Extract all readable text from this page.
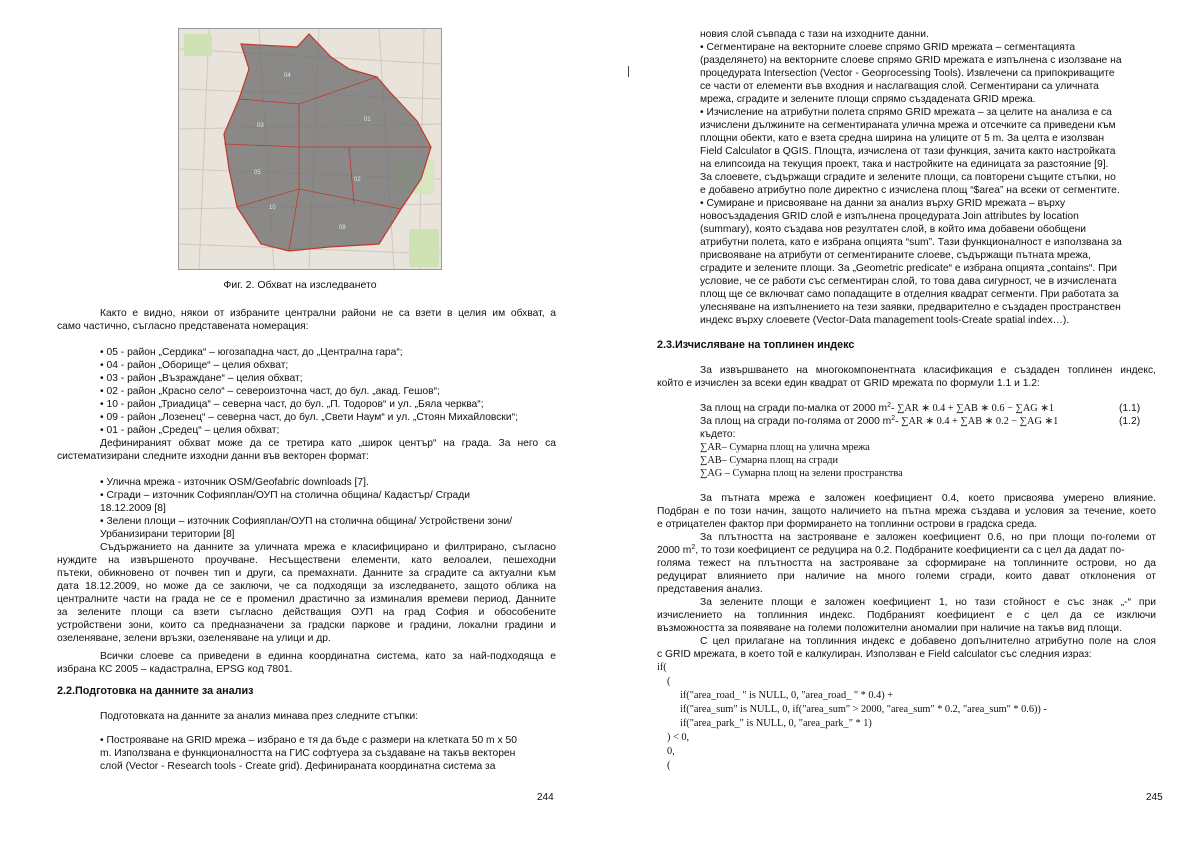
04
03
01
05
02
10
09
Фиг. 2. Обхват на изследването
Както е видно, някои от избраните централни райони не са взети в целия им обхват, а
само частично, съгласно представената номерация:
• 05 - район „Сердика“ – югозападна част, до „Централна гара“;
• 04 - район „Оборище“ – целия обхват;
• 03 - район „Възраждане“ – целия обхват;
• 02 - район „Красно село“ – североизточна част, до бул. „акад. Гешов“;
• 10 - район „Триадица“ – северна част, до бул. „П. Тодоров“ и ул. „Бяла черква“;
• 09 - район „Лозенец“ – северна част, до бул. „Свети Наум“ и ул. „Стоян Михайловски“;
• 01 - район „Средец“ – целия обхват;
Дефинираният обхват може да се третира като „широк център“ на града. За него са
систематизирани следните изходни данни във векторен формат:
• Улична мрежа - източник OSM/Geofabric downloads [7].
• Сгради – източник Софияплан/ОУП на столична община/ Кадастър/ Сгради
18.12.2009 [8]
• Зелени площи – източник Софияплан/ОУП на столична община/ Устройствени зони/
Урбанизирани територии [8]
Съдържанието на данните за уличната мрежа е класифицирано и филтрирано, съгласно
нуждите на извършеното проучване. Несъществени елементи, като велоалеи, пешеходни
пътеки, обикновено от почвен тип и други, са премахнати. Данните за сградите са актуални към
дата 18.12.2009, но може да се заключи, че са подходящи за изследването, защото облика на
централните части на града не се е променил драстично за изминалия времеви период. Данните
за зелените площи са взети съгласно действащия ОУП на град София и обособените
устройствени зони, които са предназначени за градски паркове и градини, локални градини и
озеленяване, зелени връзки, озеленяване на улици и др.
Всички слоеве са приведени в единна координатна система, като за най-подходяща е
избрана КС 2005 – кадастрална, EPSG код 7801.
2.2.Подготовка на данните за анализ
Подготовката на данните за анализ минава през следните стъпки:
• Построяване на GRID мрежа – избрано е тя да бъде с размери на клетката 50 m x 50
m. Използвана е функционалността на ГИС софтуера за създаване на такъв векторен
слой (Vector - Research tools - Create grid). Дефинираната координатна система за
244
новия слой съвпада с тази на изходните данни.
• Сегментиране на векторните слоеве спрямо GRID мрежата – сегментацията
(разделянето) на векторните слоеве спрямо GRID мрежата е изпълнена с изолзване на
процедурата Intersection (Vector - Geoprocessing Tools). Извлечени са припокриващите
се части от елементи във входния и наслагващия слой. Сегментирани са уличната
мрежа, сградите и зелените площи спрямо създадената GRID мрежа.
• Изчисление на атрибутни полета спрямо GRID мрежата – за целите на анализа е са
изчислени дължините на сегментираната улична мрежа и отсечките са приведени към
площни обекти, като е взета средна ширина на улиците от 5 m. За целта е изолзван
Field Calculator в QGIS. Площта, изчислена от тази функция, зачита както настройката
на елипсоида на текущия проект, така и настройките на единицата за разстояние [9].
За слоевете, съдържащи сградите и зелените площи, са повторени същите стъпки, но
е добавено атрибутно поле директно с изчислена площ “$area” на всеки от сегментите.
• Сумиране и присвояване на данни за анализ върху GRID мрежата – върху
новосъздадения GRID слой е изпълнена процедурата Join attributes by location
(summary), която създава нов резултатен слой, в който има добавени обобщени
атрибутни полета, като е избрана опцията “sum”. Тази функционалност е използвана за
присвояване на атрибути от сегментираните слоеве, съдържащи пътната мрежа,
сградите и зелените площи. За „Geometric predicate“ е избрана опцията „contains“. При
условие, че се работи със сегментиран слой, то това дава сигурност, че в изчислената
площ ще се включват само попадащите в отделния квадрат сегменти. При работата за
улесняване на изпълнението на тези заявки, предварително е създаден пространствен
индекс върху слоевете (Vector-Data management tools-Create spatial index…).
2.3.Изчисляване на топлинен индекс
За извършването на многокомпонентната класификация е създаден топлинен индекс,
който е изчислен за всеки един квадрат от GRID мрежата по формули 1.1 и 1.2:
За площ на сгради по-малка от 2000 $m^2-$ ∑AR ∗ 0.4 + ∑AB ∗ 0.6 − ∑AG ∗1	(1.1)
За площ на сгради по-голяма от 2000 $m^2-$ ∑AR ∗ 0.4 + ∑AB ∗ 0.2 − ∑AG ∗1	(1.2)
където:
∑AR– Сумарна площ на улична мрежа
∑AB– Сумарна площ на сгради
∑AG – Сумарна площ на зелени пространства
За пътната мрежа е заложен коефициент 0.4, което присвоява умерено влияние.
Подбран е по този начин, защото наличието на пътна мрежа създава и условия за течение, което
е отрицателен фактор при формирането на топлинни острови в градска среда.
За плътността на застрояване е заложен коефициент 0.6, но при площи по-големи от
2000 $m^2$, то този коефициент се редуцира на 0.2. Подбраните коефициенти са с цел да дадат по-
голяма тежест на плътността на застрояване за сформиране на топлинните острови, но да
редуцират влиянието при наличие на много големи сгради, които дават отклонения от
представения анализ.
За зелените площи е заложен коефициент 1, но тази стойност е със знак „-“ при
изчислението на топлинния индекс. Подбраният коефициент е с цел да се изключи
възможността за появяване на големи положителни аномалии при наличие на такъв вид площи.
С цел прилагане на топлинния индекс е добавено допълнително атрибутно поле на слоя
с GRID мрежата, в което той е калкулиран. Използван е Field calculator със следния израз:
if(
(
if("area_road_ " is NULL, 0, "area_road_ " * 0.4) +
if("area_sum" is NULL, 0, if("area_sum" > 2000, "area_sum" * 0.2, "area_sum" * 0.6)) -
if("area_park_" is NULL, 0, "area_park_" * 1)
) < 0,
0,
(
245
